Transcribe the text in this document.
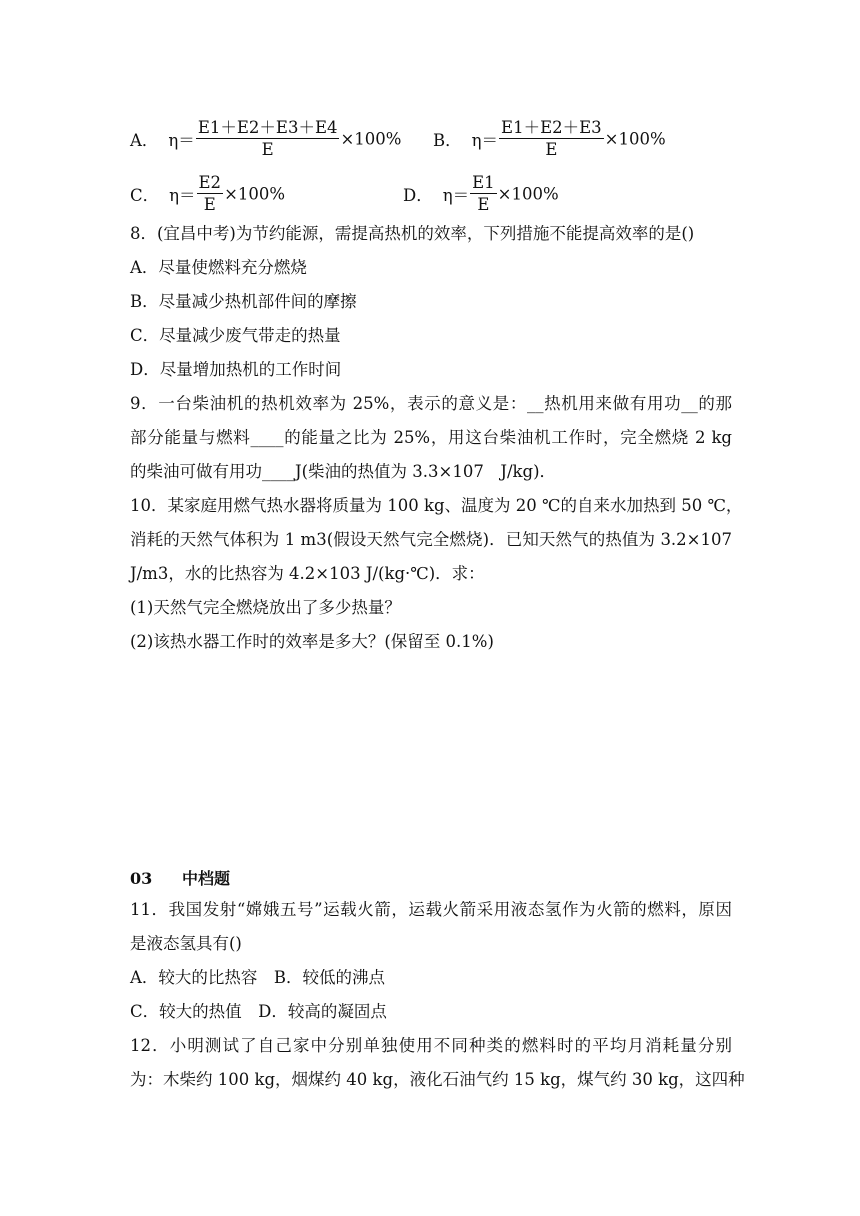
A． $\eta= \frac{E1+E2+E3+E4}{E} \times 100\%$ B． $\eta= \frac{E1+E2+E3}{E} \times 100\%$
C． $\eta= \frac{E2}{E} \times 100\%$	D． $\eta= \frac{E1}{E} \times 100\%$
8．(宜昌中考)为节约能源，需提高热机的效率，下列措施不能提高效率的是()
A．尽量使燃料充分燃烧
B．尽量减少热机部件间的摩擦
C．尽量减少废气带走的热量
D．尽量增加热机的工作时间
9．一台柴油机的热机效率为 25%，表示的意义是：__热机用来做有用功__的那
部分能量与燃料____的能量之比为 25%，用这台柴油机工作时，完全燃烧 2 kg
的柴油可做有用功____J(柴油的热值为 3.3×107　J/kg)．
10．某家庭用燃气热水器将质量为 100 kg、温度为 20 ℃的自来水加热到 50 ℃，
消耗的天然气体积为 1 m3(假设天然气完全燃烧)．已知天然气的热值为 3.2×107
J/m3，水的比热容为 4.2×103 J/(kg·℃)．求：
(1)天然气完全燃烧放出了多少热量？
(2)该热水器工作时的效率是多大？(保留至 0.1%)
03 中档题
11．我国发射“嫦娥五号”运载火箭，运载火箭采用液态氢作为火箭的燃料，原因
是液态氢具有()
A．较大的比热容　B．较低的沸点
C．较大的热值　D．较高的凝固点
12．小明测试了自己家中分别单独使用不同种类的燃料时的平均月消耗量分别
为：木柴约 100 kg，烟煤约 40 kg，液化石油气约 15 kg，煤气约 30 kg，这四种
